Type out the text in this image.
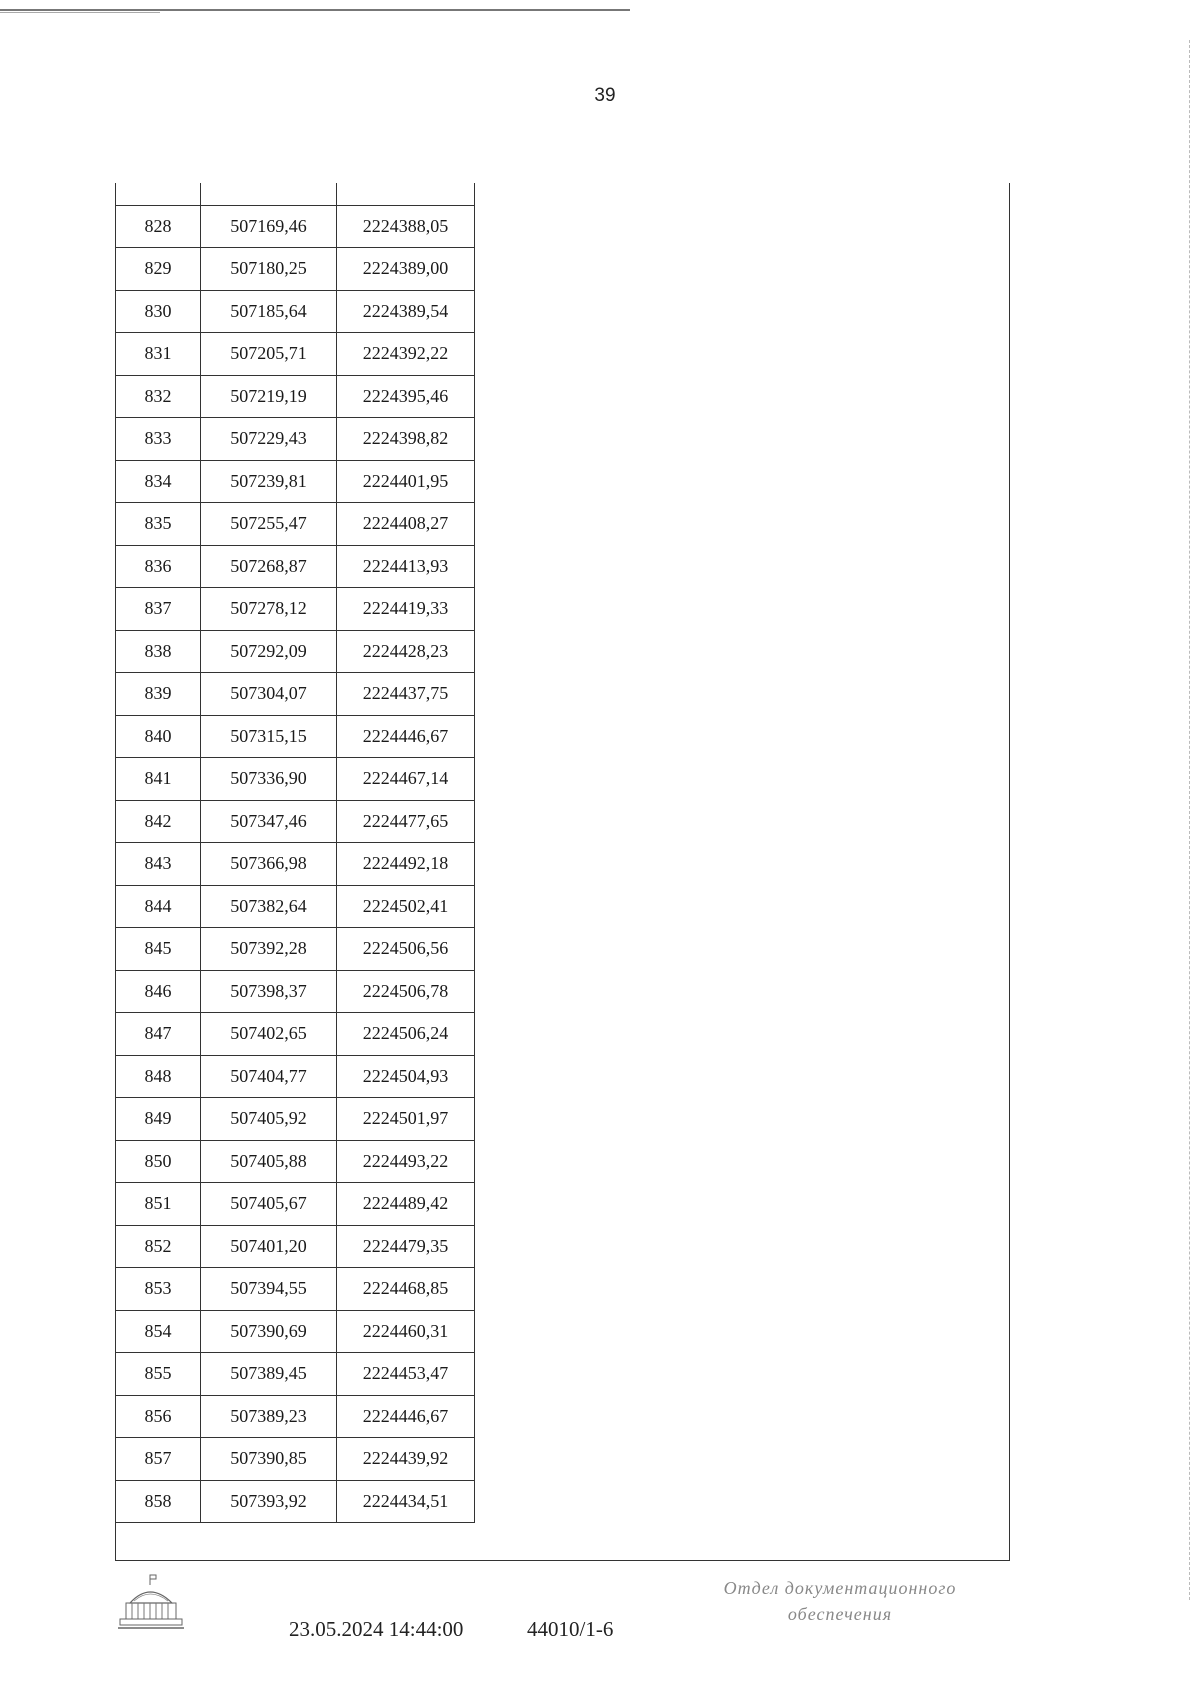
39

828	507169,46	2224388,05
829	507180,25	2224389,00
830	507185,64	2224389,54
831	507205,71	2224392,22
832	507219,19	2224395,46
833	507229,43	2224398,82
834	507239,81	2224401,95
835	507255,47	2224408,27
836	507268,87	2224413,93
837	507278,12	2224419,33
838	507292,09	2224428,23
839	507304,07	2224437,75
840	507315,15	2224446,67
841	507336,90	2224467,14
842	507347,46	2224477,65
843	507366,98	2224492,18
844	507382,64	2224502,41
845	507392,28	2224506,56
846	507398,37	2224506,78
847	507402,65	2224506,24
848	507404,77	2224504,93
849	507405,92	2224501,97
850	507405,88	2224493,22
851	507405,67	2224489,42
852	507401,20	2224479,35
853	507394,55	2224468,85
854	507390,69	2224460,31
855	507389,45	2224453,47
856	507389,23	2224446,67
857	507390,85	2224439,92
858	507393,92	2224434,51
23.05.2024 14:44:00	44010/1-6
Отдел документационного
обеспечения
